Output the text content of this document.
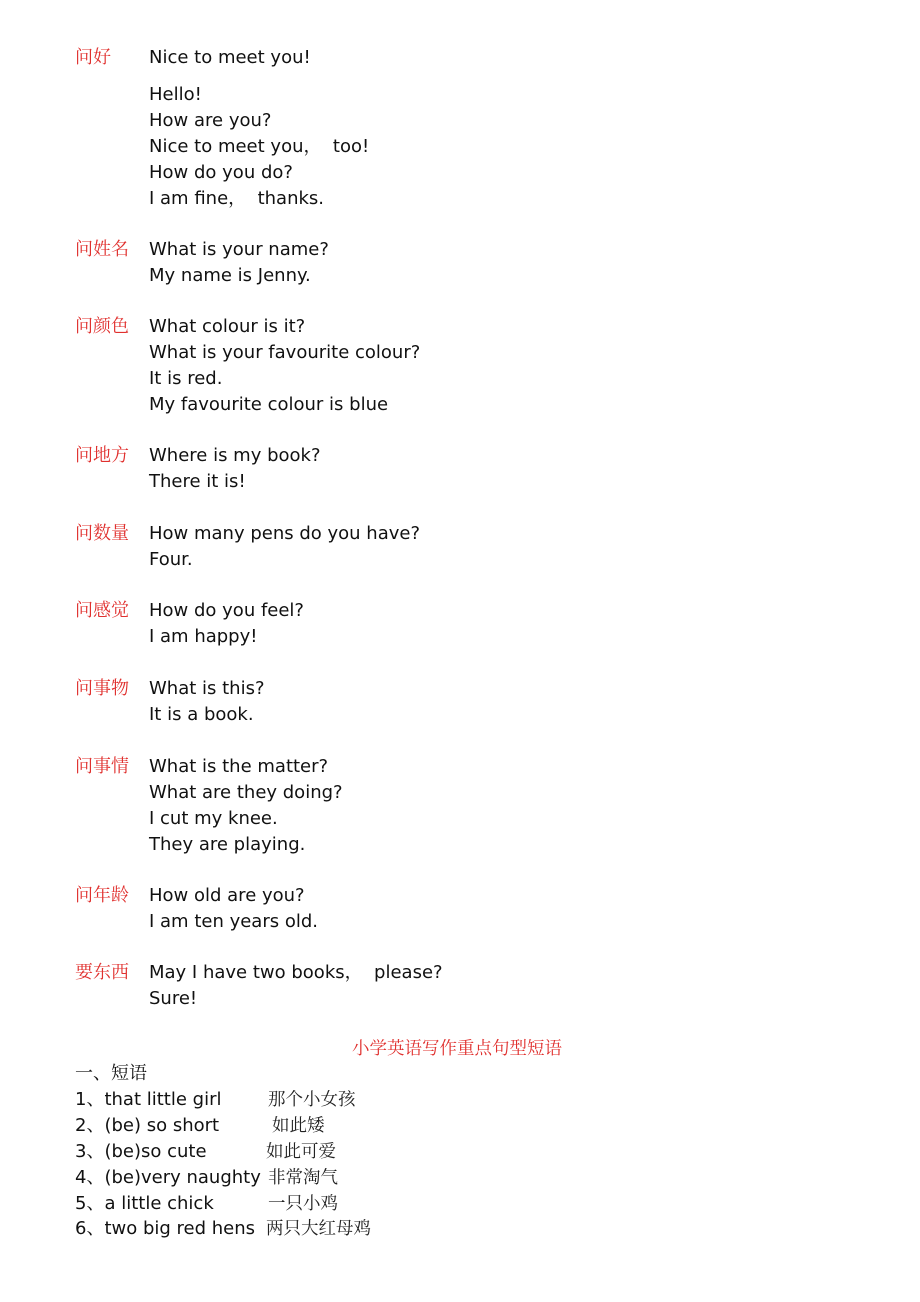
问好 Nice to meet you!
Hello!
How are you?
Nice to meet you，  too!
How do you do?
I am fine，  thanks.
问姓名 What is your name?
My name is Jenny.
问颜色 What colour is it?
What is your favourite colour?
It is red.
My favourite colour is blue
问地方 Where is my book?
There it is!
问数量 How many pens do you have?
Four.
问感觉 How do you feel?
I am happy!
问事物 What is this?
It is a book.
问事情 What is the matter?
What are they doing?
I cut my knee.
They are playing.
问年龄 How old are you?
I am ten years old.
要东西 May I have two books，  please?
Sure!
小学英语写作重点句型短语
一、短语
1、that little girl	那个小女孩
2、(be) so short	如此矮
3、(be)so cute	如此可爱
4、(be)very naughty 非常淘气
5、a little chick	一只小鸡
6、two big red hens 两只大红母鸡
